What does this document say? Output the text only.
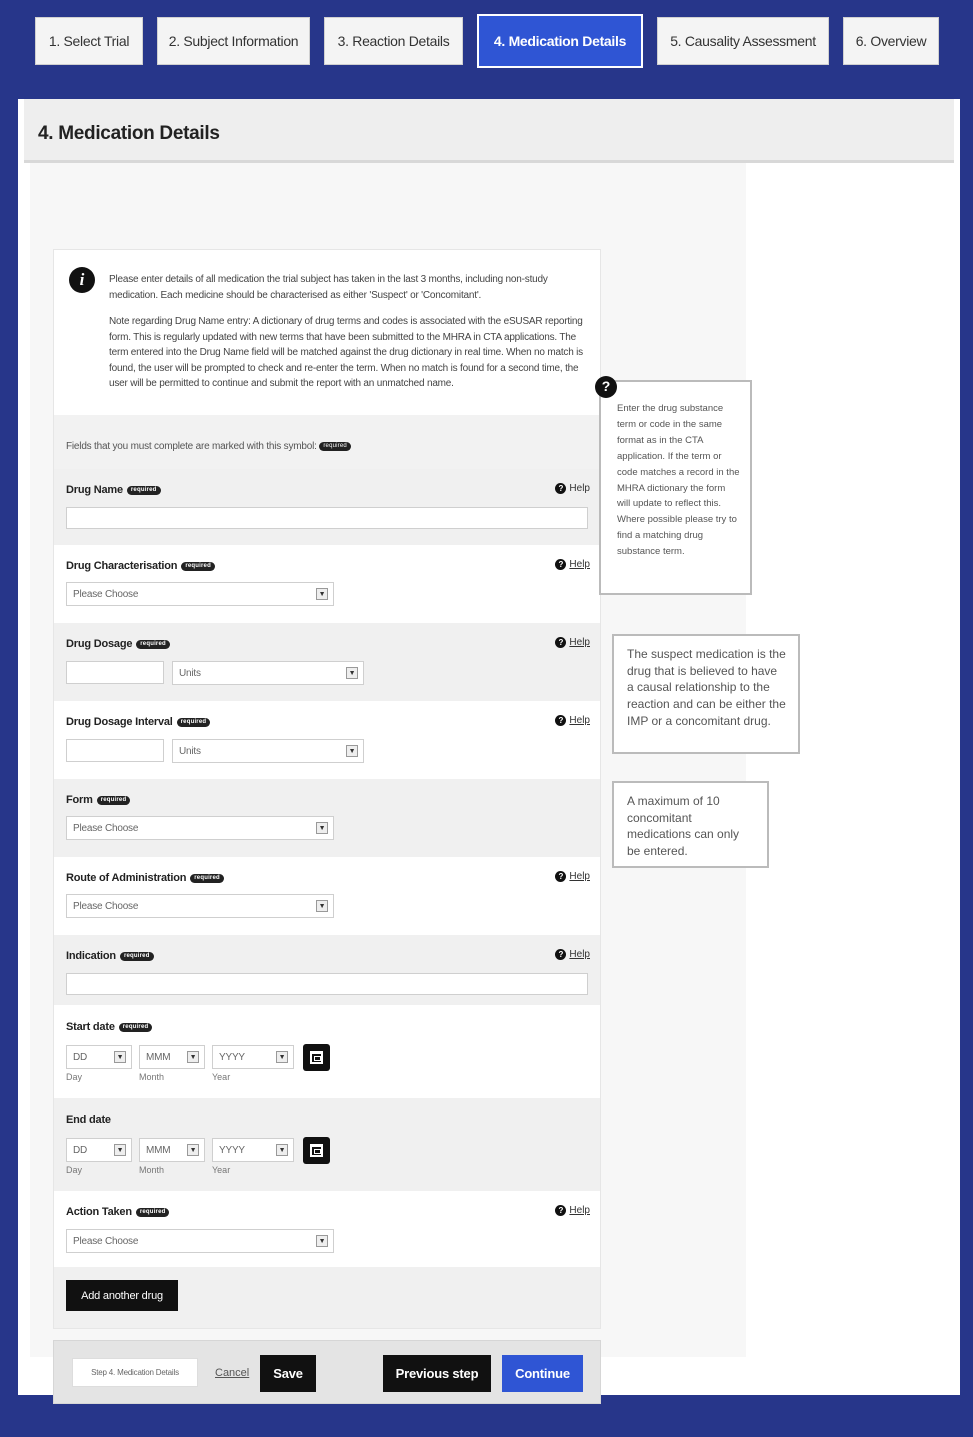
1. Select Trial	2. Subject Information	3. Reaction Details	4. Medication Details	5. Causality Assessment	6. Overview
4. Medication Details
i	Please enter details of all medication the trial subject has taken in the last 3 months, including non-study medication. Each medicine should be characterised as either 'Suspect' or 'Concomitant'.

Note regarding Drug Name entry: A dictionary of drug terms and codes is associated with the eSUSAR reporting form. This is regularly updated with new terms that have been submitted to the MHRA in CTA applications. The term entered into the Drug Name field will be matched against the drug dictionary in real time. When no match is found, the user will be prompted to check and re-enter the term. When no match is found for a second time, the user will be permitted to continue and submit the report with an unmatched name.

Fields that you must complete are marked with this symbol: required
Drug Name required	? Help
Drug Characterisation required	? Help
Please Choose	▼
Drug Dosage required	? Help
Units	▼
Drug Dosage Interval required	? Help
Units	▼
Form required
Please Choose	▼
Route of Administration required	? Help
Please Choose	▼
Indication required	? Help
Start date required
DD	▼ MMM	▼ YYYY	▼
Day	Month	Year
End date
DD	▼ MMM	▼ YYYY	▼
Day	Month	Year
Action Taken required	? Help
Please Choose	▼
Add another drug
Step 4. Medication Details	Cancel	Save	Previous step	Continue
?
Enter the drug substance term or code in the same format as in the CTA application. If the term or code matches a record in the MHRA dictionary the form will update to reflect this. Where possible please try to find a matching drug substance term.
The suspect medication is the drug that is believed to have a causal relationship to the reaction and can be either the IMP or a concomitant drug.
A maximum of 10 concomitant medications can only be entered.
